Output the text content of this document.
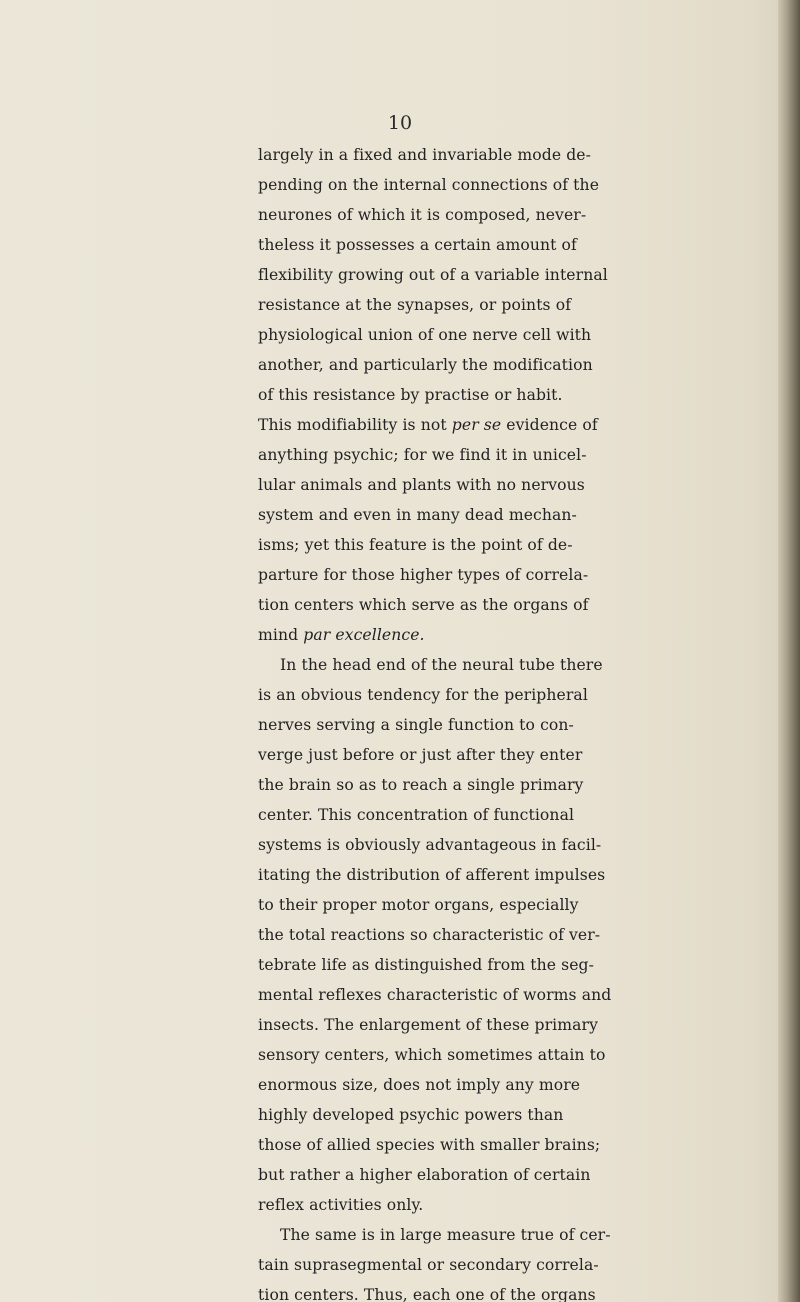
10

largely in a fixed and invariable mode de-
pending on the internal connections of the
neurones of which it is composed, never-
theless it possesses a certain amount of
flexibility growing out of a variable internal
resistance at the synapses, or points of
physiological union of one nerve cell with
another, and particularly the modification
of this resistance by practise or habit.
This modifiability is not per se evidence of
anything psychic; for we find it in unicel-
lular animals and plants with no nervous
system and even in many dead mechan-
isms; yet this feature is the point of de-
parture for those higher types of correla-
tion centers which serve as the organs of
mind par excellence.
In the head end of the neural tube there
is an obvious tendency for the peripheral
nerves serving a single function to con-
verge just before or just after they enter
the brain so as to reach a single primary
center. This concentration of functional
systems is obviously advantageous in facil-
itating the distribution of afferent impulses
to their proper motor organs, especially
the total reactions so characteristic of ver-
tebrate life as distinguished from the seg-
mental reflexes characteristic of worms and
insects. The enlargement of these primary
sensory centers, which sometimes attain to
enormous size, does not imply any more
highly developed psychic powers than
those of allied species with smaller brains;
but rather a higher elaboration of certain
reflex activities only.
The same is in large measure true of cer-
tain suprasegmental or secondary correla-
tion centers. Thus, each one of the organs
